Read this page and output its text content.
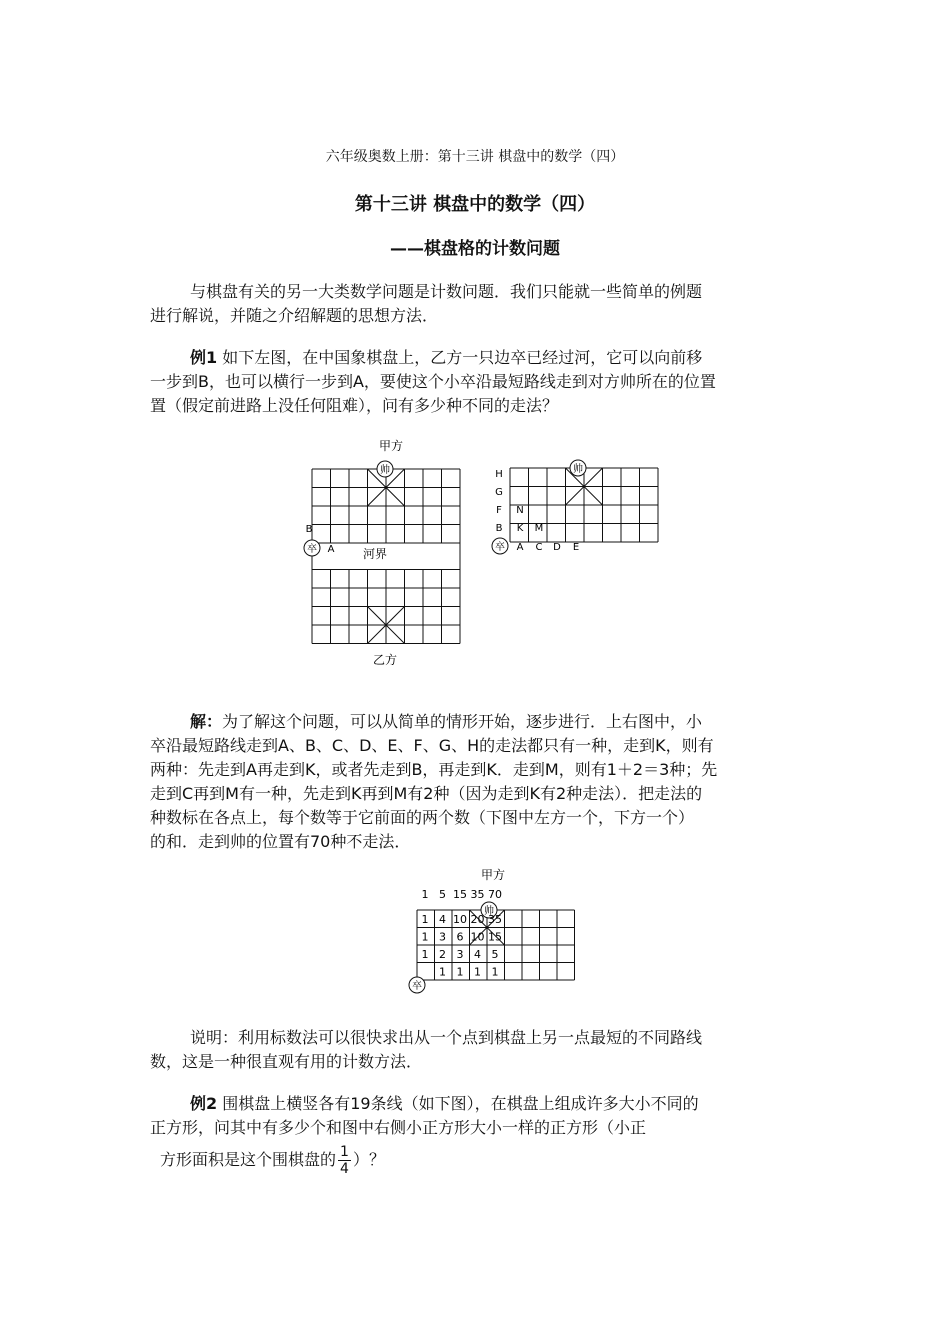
六年级奥数上册：第十三讲 棋盘中的数学（四）
第十三讲 棋盘中的数学（四）
——棋盘格的计数问题
与棋盘有关的另一大类数学问题是计数问题．我们只能就一些简单的例题
进行解说，并随之介绍解题的思想方法．
例1 如下左图，在中国象棋盘上，乙方一只边卒已经过河，它可以向前移
一步到B，也可以横行一步到A，要使这个小卒沿最短路线走到对方帅所在的位置
置（假定前进路上没任何阻难），问有多少种不同的走法？
甲方
河界
帅
卒
B
A
乙方
帅
卒
H
G
F
B
A
N
K M
C D E
解：为了解这个问题，可以从简单的情形开始，逐步进行．上右图中，小
卒沿最短路线走到A、B、C、D、E、F、G、H的走法都只有一种，走到K，则有
两种：先走到A再走到K，或者先走到B，再走到K．走到M，则有1＋2＝3种；先
走到C再到M有一种，先走到K再到M有2种（因为走到K有2种走法）．把走法的
种数标在各点上，每个数等于它前面的两个数（下图中左方一个，下方一个）
的和．走到帅的位置有70种不走法．
甲方
帅
卒
1 5 15 35 70
1 4 10 20 35
1 3 6 10 15
1 2 3 4 5
1 1 1 1
说明：利用标数法可以很快求出从一个点到棋盘上另一点最短的不同路线
数，这是一种很直观有用的计数方法．
例2 围棋盘上横竖各有19条线（如下图），在棋盘上组成许多大小不同的
正方形，问其中有多少个和图中右侧小正方形大小一样的正方形（小正
方形面积是这个围棋盘的 $\frac{1}{4}$ ）？
